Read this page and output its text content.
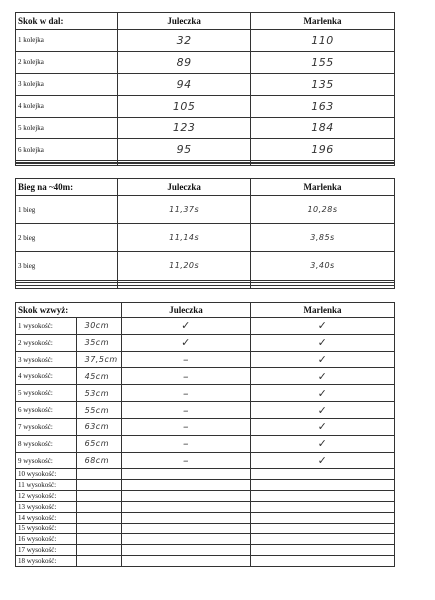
Skok w dal:	Juleczka	Marlenka
1 kolejka	32	110
2 kolejka	89	155
3 kolejka	94	135
4 kolejka	105	163
5 kolejka	123	184
6 kolejka	95	196

Bieg na ~40m:	Juleczka	Marlenka
1 bieg	11,37s	10,28s
2 bieg	11,14s	3,85s
3 bieg	11,20s	3,40s

Skok wzwyż:		Juleczka	Marlenka
1 wysokość:	30cm	✓	✓
2 wysokość:	35cm	✓	✓
3 wysokość:	37,5cm	–	✓
4 wysokość:	45cm	–	✓
5 wysokość:	53cm	–	✓
6 wysokość:	55cm	–	✓
7 wysokość:	63cm	–	✓
8 wysokość:	65cm	–	✓
9 wysokość:	68cm	–	✓
10 wysokość:			
11 wysokość:			
12 wysokość:			
13 wysokość:			
14 wysokość:			
15 wysokość:			
16 wysokość:			
17 wysokość:			
18 wysokość:			
